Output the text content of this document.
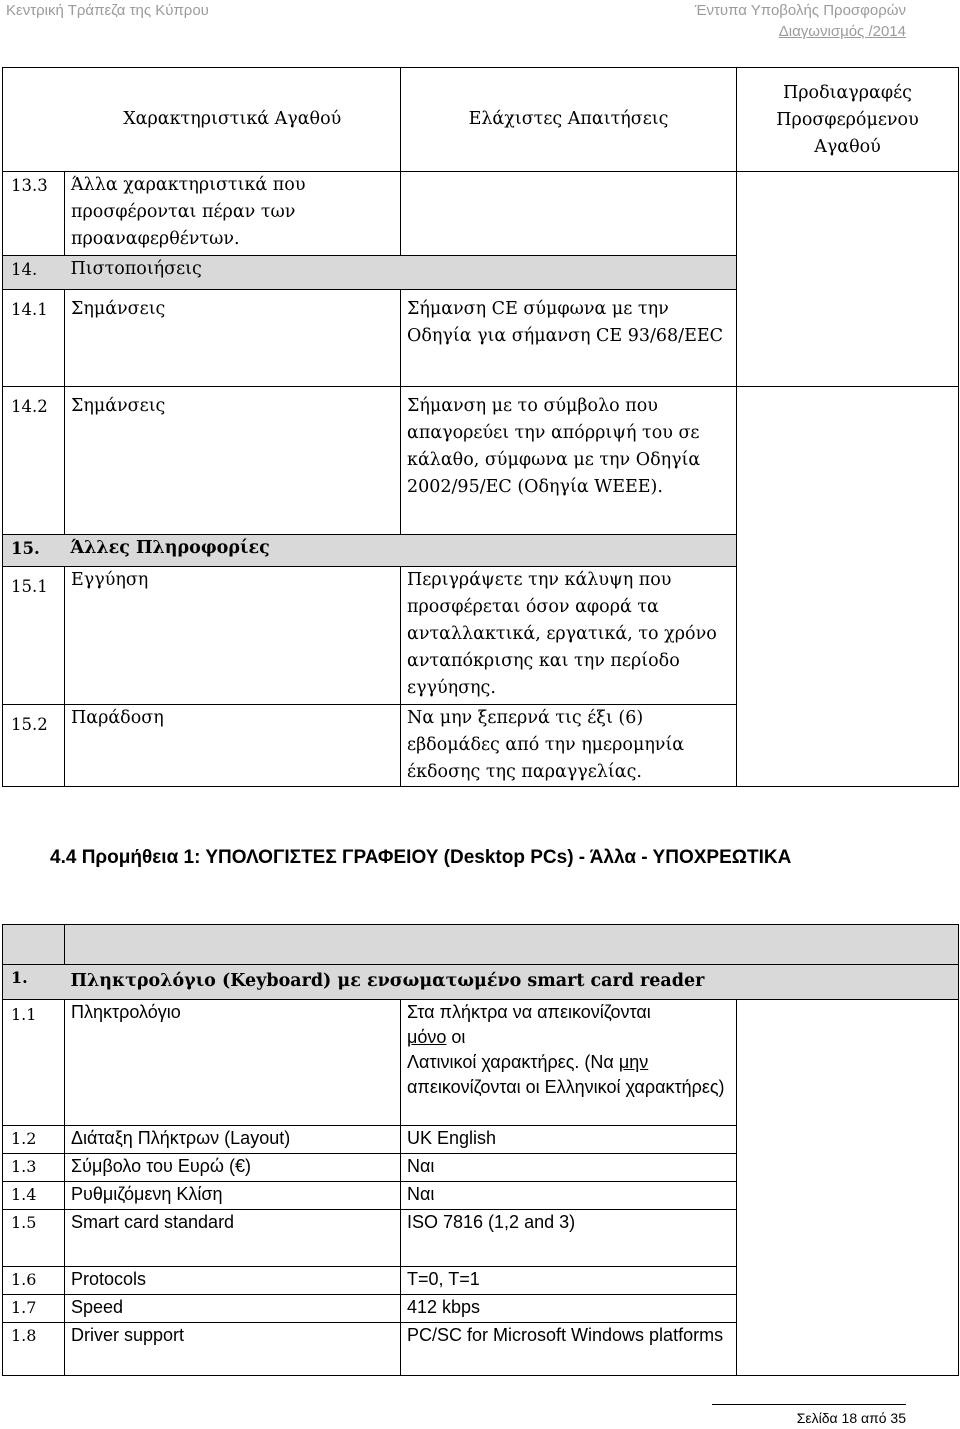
Κεντρική Τράπεζα της Κύπρου	Έντυπα Υποβολής Προσφορών
Διαγωνισμός /2014
	Χαρακτηριστικά Αγαθού	Ελάχιστες Απαιτήσεις	Προδιαγραφές Προσφερόμενου Αγαθού
13.3	Άλλα χαρακτηριστικά που προσφέρονται πέραν των προαναφερθέντων.		
14.	Πιστοποιήσεις		
14.1	Σημάνσεις	Σήμανση CE σύμφωνα με την Οδηγία για σήμανση CE 93/68/EEC	
14.2	Σημάνσεις	Σήμανση με το σύμβολο που απαγορεύει την απόρριψή του σε κάλαθο, σύμφωνα με την Οδηγία 2002/95/EC (Οδηγία WEEE).	
15.	Άλλες Πληροφορίες		
15.1	Εγγύηση	Περιγράψετε την κάλυψη που προσφέρεται όσον αφορά τα ανταλλακτικά, εργατικά, το χρόνο ανταπόκρισης και την περίοδο εγγύησης.	
15.2	Παράδοση	Να μην ξεπερνά τις έξι (6) εβδομάδες από την ημερομηνία έκδοσης της παραγγελίας.	
4.4 Προμήθεια 1: ΥΠΟΛΟΓΙΣΤΕΣ ΓΡΑΦΕΙΟΥ (Desktop PCs) - Άλλα - ΥΠΟΧΡΕΩΤΙΚΑ

1.	Πληκτρολόγιο (Keyboard) με ενσωματωμένο smart card reader		
1.1	Πληκτρολόγιο	Στα πλήκτρα να απεικονίζονται
μόνο οι
Λατινικοί χαρακτήρες. (Να μην
απεικονίζονται οι Ελληνικοί χαρακτήρες)	
1.2	Διάταξη Πλήκτρων (Layout)	UK English	
1.3	Σύμβολο του Ευρώ (€)	Ναι	
1.4	Ρυθμιζόμενη Κλίση	Ναι	
1.5	Smart card standard	ISO 7816 (1,2 and 3)	
1.6	Protocols	T=0, T=1	
1.7	Speed	412 kbps	
1.8	Driver support	PC/SC for Microsoft Windows platforms	
Σελίδα 18 από 35
